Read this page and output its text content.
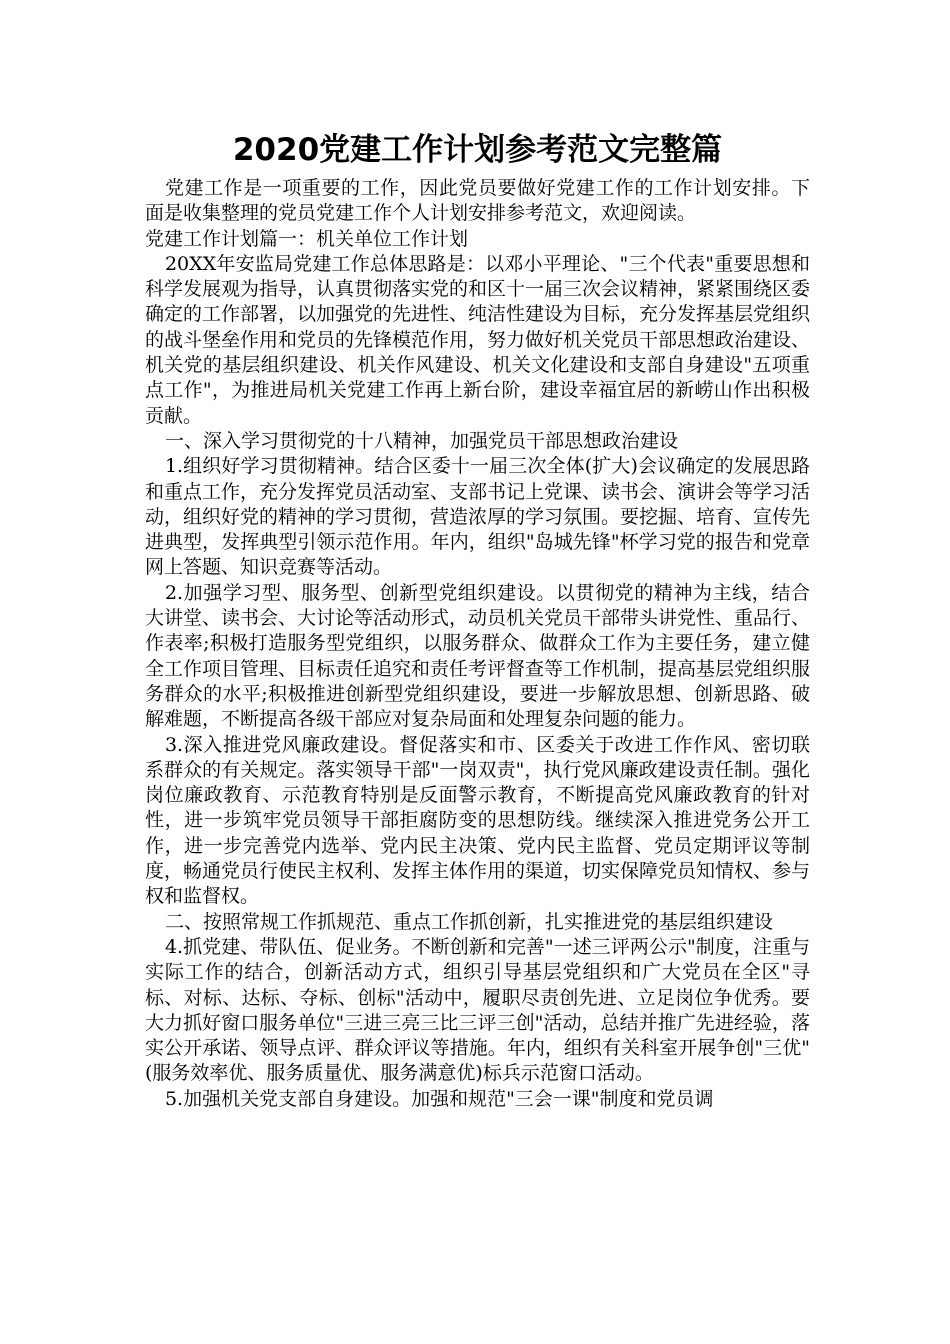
2020党建工作计划参考范文完整篇

党建工作是一项重要的工作，因此党员要做好党建工作的工作计划安排。下面是收集整理的党员党建工作个人计划安排参考范文，欢迎阅读。

党建工作计划篇一：机关单位工作计划

20XX年安监局党建工作总体思路是：以邓小平理论、"三个代表"重要思想和科学发展观为指导，认真贯彻落实党的和区十一届三次会议精神，紧紧围绕区委确定的工作部署，以加强党的先进性、纯洁性建设为目标，充分发挥基层党组织的战斗堡垒作用和党员的先锋模范作用，努力做好机关党员干部思想政治建设、机关党的基层组织建设、机关作风建设、机关文化建设和支部自身建设"五项重点工作"，为推进局机关党建工作再上新台阶，建设幸福宜居的新崂山作出积极贡献。

一、深入学习贯彻党的十八精神，加强党员干部思想政治建设

1.组织好学习贯彻精神。结合区委十一届三次全体(扩大)会议确定的发展思路和重点工作，充分发挥党员活动室、支部书记上党课、读书会、演讲会等学习活动，组织好党的精神的学习贯彻，营造浓厚的学习氛围。要挖掘、培育、宣传先进典型，发挥典型引领示范作用。年内，组织"岛城先锋"杯学习党的报告和党章网上答题、知识竞赛等活动。

2.加强学习型、服务型、创新型党组织建设。以贯彻党的精神为主线，结合大讲堂、读书会、大讨论等活动形式，动员机关党员干部带头讲党性、重品行、作表率;积极打造服务型党组织，以服务群众、做群众工作为主要任务，建立健全工作项目管理、目标责任追究和责任考评督查等工作机制，提高基层党组织服务群众的水平;积极推进创新型党组织建设，要进一步解放思想、创新思路、破解难题，不断提高各级干部应对复杂局面和处理复杂问题的能力。

3.深入推进党风廉政建设。督促落实和市、区委关于改进工作作风、密切联系群众的有关规定。落实领导干部"一岗双责"，执行党风廉政建设责任制。强化岗位廉政教育、示范教育特别是反面警示教育，不断提高党风廉政教育的针对性，进一步筑牢党员领导干部拒腐防变的思想防线。继续深入推进党务公开工作，进一步完善党内选举、党内民主决策、党内民主监督、党员定期评议等制度，畅通党员行使民主权利、发挥主体作用的渠道，切实保障党员知情权、参与权和监督权。

二、按照常规工作抓规范、重点工作抓创新，扎实推进党的基层组织建设

4.抓党建、带队伍、促业务。不断创新和完善"一述三评两公示"制度，注重与实际工作的结合，创新活动方式，组织引导基层党组织和广大党员在全区"寻标、对标、达标、夺标、创标"活动中，履职尽责创先进、立足岗位争优秀。要大力抓好窗口服务单位"三进三亮三比三评三创"活动，总结并推广先进经验，落实公开承诺、领导点评、群众评议等措施。年内，组织有关科室开展争创"三优"(服务效率优、服务质量优、服务满意优)标兵示范窗口活动。

5.加强机关党支部自身建设。加强和规范"三会一课"制度和党员调
